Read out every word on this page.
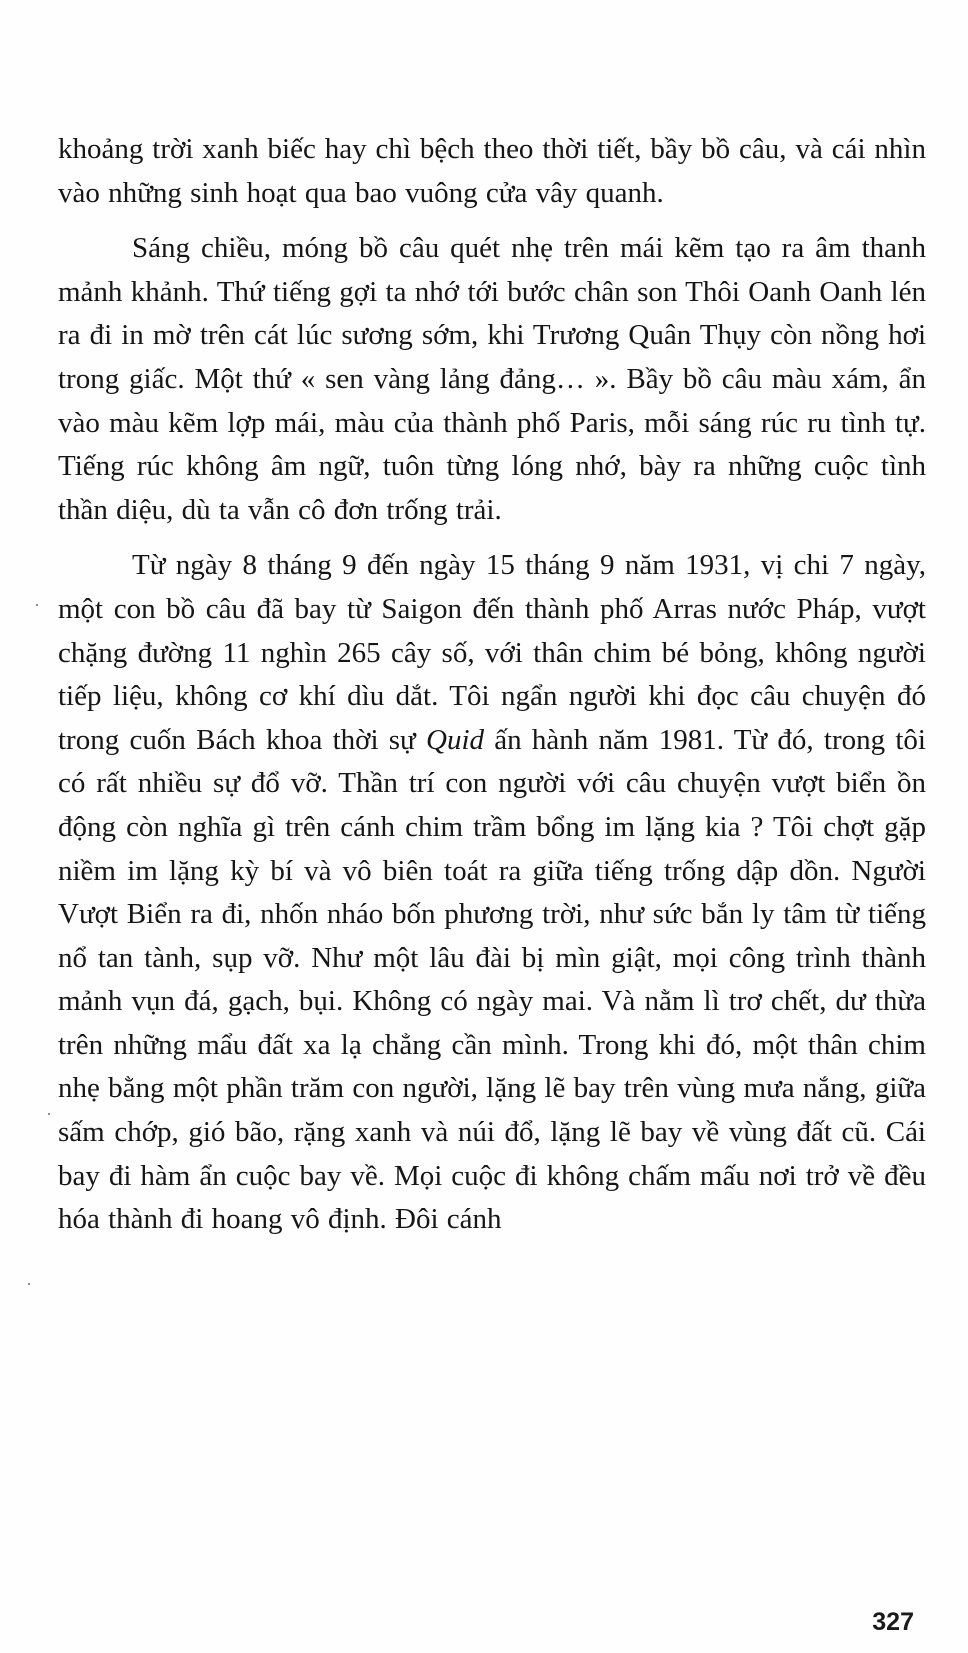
khoảng trời xanh biếc hay chì bệch theo thời tiết, bầy bồ câu, và cái nhìn vào những sinh hoạt qua bao vuông cửa vây quanh.

Sáng chiều, móng bồ câu quét nhẹ trên mái kẽm tạo ra âm thanh mảnh khảnh. Thứ tiếng gợi ta nhớ tới bước chân son Thôi Oanh Oanh lén ra đi in mờ trên cát lúc sương sớm, khi Trương Quân Thụy còn nồng hơi trong giấc. Một thứ « sen vàng lảng đảng… ». Bầy bồ câu màu xám, ẩn vào màu kẽm lợp mái, màu của thành phố Paris, mỗi sáng rúc ru tình tự. Tiếng rúc không âm ngữ, tuôn từng lóng nhớ, bày ra những cuộc tình thần diệu, dù ta vẫn cô đơn trống trải.

Từ ngày 8 tháng 9 đến ngày 15 tháng 9 năm 1931, vị chi 7 ngày, một con bồ câu đã bay từ Saigon đến thành phố Arras nước Pháp, vượt chặng đường 11 nghìn 265 cây số, với thân chim bé bỏng, không người tiếp liệu, không cơ khí dìu dắt. Tôi ngẩn người khi đọc câu chuyện đó trong cuốn Bách khoa thời sự Quid ấn hành năm 1981. Từ đó, trong tôi có rất nhiều sự đổ vỡ. Thần trí con người với câu chuyện vượt biển ồn động còn nghĩa gì trên cánh chim trầm bổng im lặng kia ? Tôi chợt gặp niềm im lặng kỳ bí và vô biên toát ra giữa tiếng trống dập dồn. Người Vượt Biển ra đi, nhốn nháo bốn phương trời, như sức bắn ly tâm từ tiếng nổ tan tành, sụp vỡ. Như một lâu đài bị mìn giật, mọi công trình thành mảnh vụn đá, gạch, bụi. Không có ngày mai. Và nằm lì trơ chết, dư thừa trên những mẩu đất xa lạ chẳng cần mình. Trong khi đó, một thân chim nhẹ bằng một phần trăm con người, lặng lẽ bay trên vùng mưa nắng, giữa sấm chớp, gió bão, rặng xanh và núi đổ, lặng lẽ bay về vùng đất cũ. Cái bay đi hàm ẩn cuộc bay về. Mọi cuộc đi không chấm mấu nơi trở về đều hóa thành đi hoang vô định. Đôi cánh

327
